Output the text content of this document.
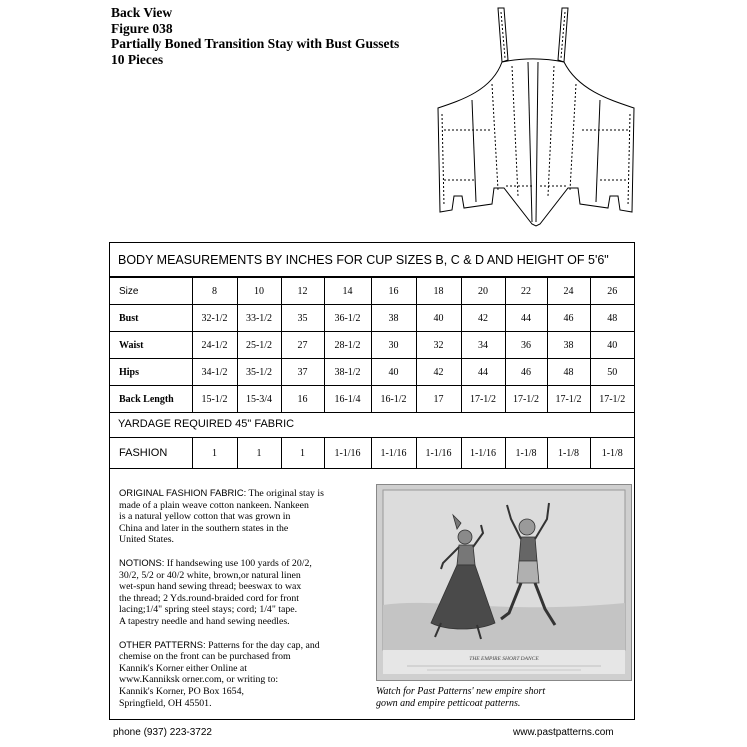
Back View
Figure 038
Partially Boned Transition Stay with Bust Gussets
10 Pieces
BODY MEASUREMENTS BY INCHES FOR CUP SIZES B, C & D AND HEIGHT OF 5'6"
Size	8	10	12	14	16	18	20	22	24	26
Bust	32-1/2	33-1/2	35	36-1/2	38	40	42	44	46	48
Waist	24-1/2	25-1/2	27	28-1/2	30	32	34	36	38	40
Hips	34-1/2	35-1/2	37	38-1/2	40	42	44	46	48	50
Back Length	15-1/2	15-3/4	16	16-1/4	16-1/2	17	17-1/2	17-1/2	17-1/2	17-1/2
YARDAGE REQUIRED 45" FABRIC
FASHION	1	1	1	1-1/16	1-1/16	1-1/16	1-1/16	1-1/8	1-1/8	1-1/8

ORIGINAL FASHION FABRIC: The original stay is
made of a plain weave cotton nankeen. Nankeen
is a natural yellow cotton that was grown in
China and later in the southern states in the
United States.

NOTIONS: If handsewing use 100 yards of 20/2,
30/2, 5/2 or 40/2 white, brown,or natural linen
wet-spun hand sewing thread; beeswax to wax
the thread; 2 Yds.round-braided cord for front
lacing;1/4" spring steel stays; cord; 1/4" tape.
A tapestry needle and hand sewing needles.

OTHER PATTERNS: Patterns for the day cap, and
chemise on the front can be purchased from
Kannik's Korner either Online at
www.Kanniksk orner.com, or writing to:
Kannik's Korner, PO Box 1654,
Springfield, OH 45501.

THE EMPIRE SHORT DANCE
Watch for Past Patterns' new empire short
gown and empire petticoat patterns.
phone (937) 223-3722	www.pastpatterns.com
